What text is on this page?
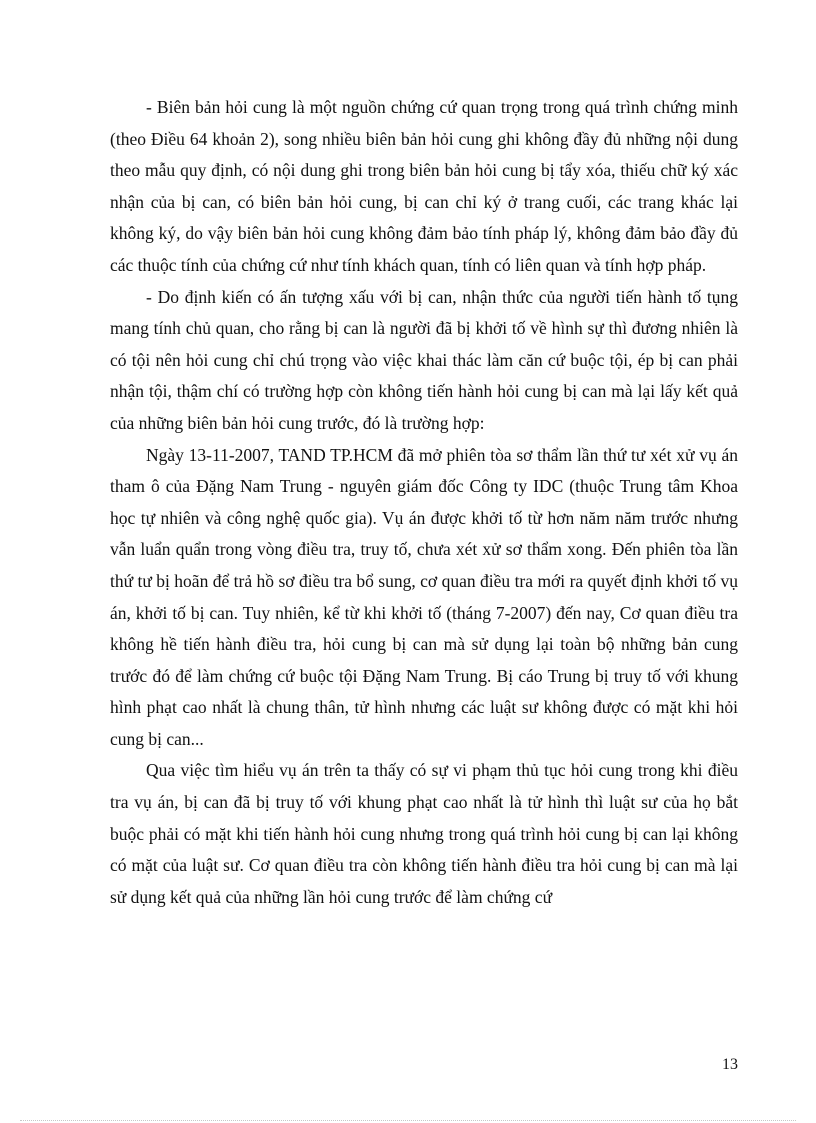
- Biên bản hỏi cung là một nguồn chứng cứ quan trọng trong quá trình chứng minh (theo Điều 64 khoản 2), song nhiều biên bản hỏi cung ghi không đầy đủ những nội dung theo mẫu quy định, có nội dung ghi trong biên bản hỏi cung bị tẩy xóa, thiếu chữ ký xác nhận của bị can, có biên bản hỏi cung, bị can chỉ ký ở trang cuối, các trang khác lại không ký, do vậy biên bản hỏi cung không đảm bảo tính pháp lý, không đảm bảo đầy đủ các thuộc tính của chứng cứ như tính khách quan, tính có liên quan và tính hợp pháp.

- Do định kiến có ấn tượng xấu với bị can, nhận thức của người tiến hành tố tụng mang tính chủ quan, cho rằng bị can là người đã bị khởi tố về hình sự thì đương nhiên là có tội nên hỏi cung chỉ chú trọng vào việc khai thác làm căn cứ buộc tội, ép bị can phải nhận tội, thậm chí có trường hợp còn không tiến hành hỏi cung bị can mà lại lấy kết quả của những biên bản hỏi cung trước, đó là trường hợp:

Ngày 13-11-2007, TAND TP.HCM đã mở phiên tòa sơ thẩm lần thứ tư xét xử vụ án tham ô của Đặng Nam Trung - nguyên giám đốc Công ty IDC (thuộc Trung tâm Khoa học tự nhiên và công nghệ quốc gia). Vụ án được khởi tố từ hơn năm năm trước nhưng vẫn luẩn quẩn trong vòng điều tra, truy tố, chưa xét xử sơ thẩm xong. Đến phiên tòa lần thứ tư bị hoãn để trả hồ sơ điều tra bổ sung, cơ quan điều tra mới ra quyết định khởi tố vụ án, khởi tố bị can. Tuy nhiên, kể từ khi khởi tố (tháng 7-2007) đến nay, Cơ quan điều tra không hề tiến hành điều tra, hỏi cung bị can mà sử dụng lại toàn bộ những bản cung trước đó để làm chứng cứ buộc tội Đặng Nam Trung. Bị cáo Trung bị truy tố với khung hình phạt cao nhất là chung thân, tử hình nhưng các luật sư không được có mặt khi hỏi cung bị can...

Qua việc tìm hiểu vụ án trên ta thấy có sự vi phạm thủ tục hỏi cung trong khi điều tra vụ án, bị can đã bị truy tố với khung phạt cao nhất là tử hình thì luật sư của họ bắt buộc phải có mặt khi tiến hành hỏi cung nhưng trong quá trình hỏi cung bị can lại không có mặt của luật sư. Cơ quan điều tra còn không tiến hành điều tra hỏi cung bị can mà lại sử dụng kết quả của những lần hỏi cung trước để làm chứng cứ

13
